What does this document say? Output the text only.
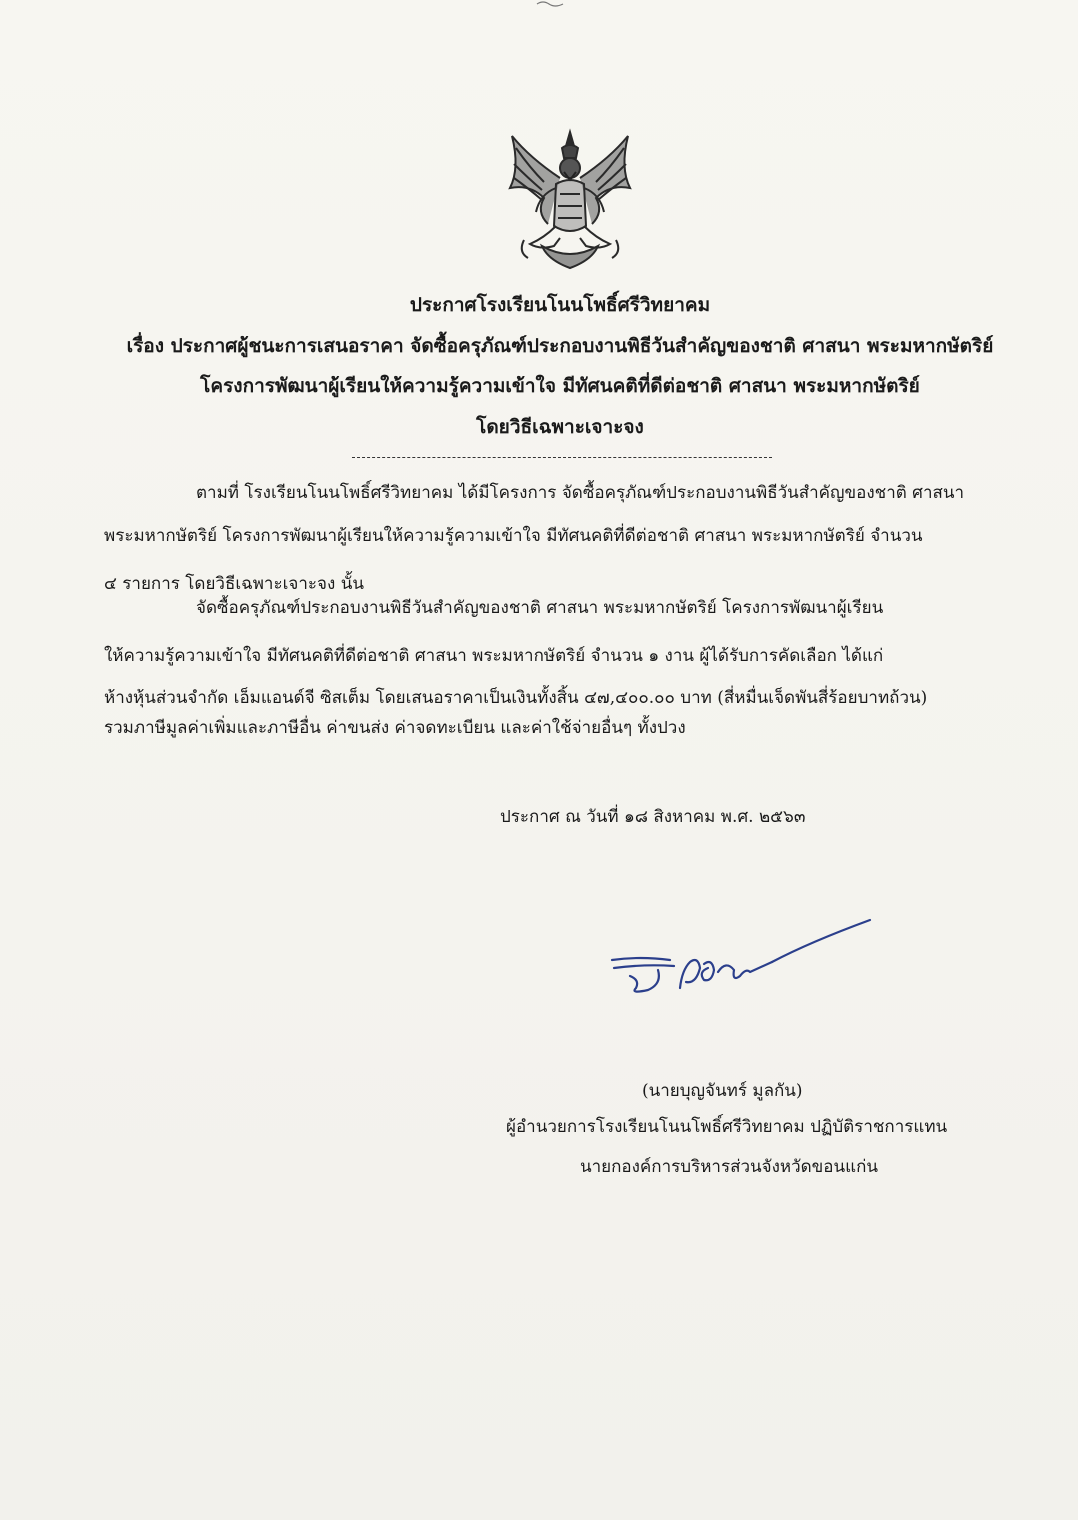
ประกาศโรงเรียนโนนโพธิ์ศรีวิทยาคม
เรื่อง ประกาศผู้ชนะการเสนอราคา จัดซื้อครุภัณฑ์ประกอบงานพิธีวันสำคัญของชาติ ศาสนา พระมหากษัตริย์
โครงการพัฒนาผู้เรียนให้ความรู้ความเข้าใจ มีทัศนคติที่ดีต่อชาติ ศาสนา พระมหากษัตริย์
โดยวิธีเฉพาะเจาะจง
ตามที่ โรงเรียนโนนโพธิ์ศรีวิทยาคม ได้มีโครงการ จัดซื้อครุภัณฑ์ประกอบงานพิธีวันสำคัญของชาติ ศาสนา
พระมหากษัตริย์ โครงการพัฒนาผู้เรียนให้ความรู้ความเข้าใจ มีทัศนคติที่ดีต่อชาติ ศาสนา พระมหากษัตริย์ จำนวน
๔ รายการ โดยวิธีเฉพาะเจาะจง นั้น
จัดซื้อครุภัณฑ์ประกอบงานพิธีวันสำคัญของชาติ ศาสนา พระมหากษัตริย์ โครงการพัฒนาผู้เรียน
ให้ความรู้ความเข้าใจ มีทัศนคติที่ดีต่อชาติ ศาสนา พระมหากษัตริย์ จำนวน ๑ งาน ผู้ได้รับการคัดเลือก ได้แก่
ห้างหุ้นส่วนจำกัด เอ็มแอนด์จี ซิสเต็ม โดยเสนอราคาเป็นเงินทั้งสิ้น ๔๗,๔๐๐.๐๐ บาท (สี่หมื่นเจ็ดพันสี่ร้อยบาทถ้วน)
รวมภาษีมูลค่าเพิ่มและภาษีอื่น ค่าขนส่ง ค่าจดทะเบียน และค่าใช้จ่ายอื่นๆ ทั้งปวง
ประกาศ ณ วันที่ ๑๘ สิงหาคม พ.ศ. ๒๕๖๓
(นายบุญจันทร์ มูลกัน)
ผู้อำนวยการโรงเรียนโนนโพธิ์ศรีวิทยาคม ปฏิบัติราชการแทน
นายกองค์การบริหารส่วนจังหวัดขอนแก่น
